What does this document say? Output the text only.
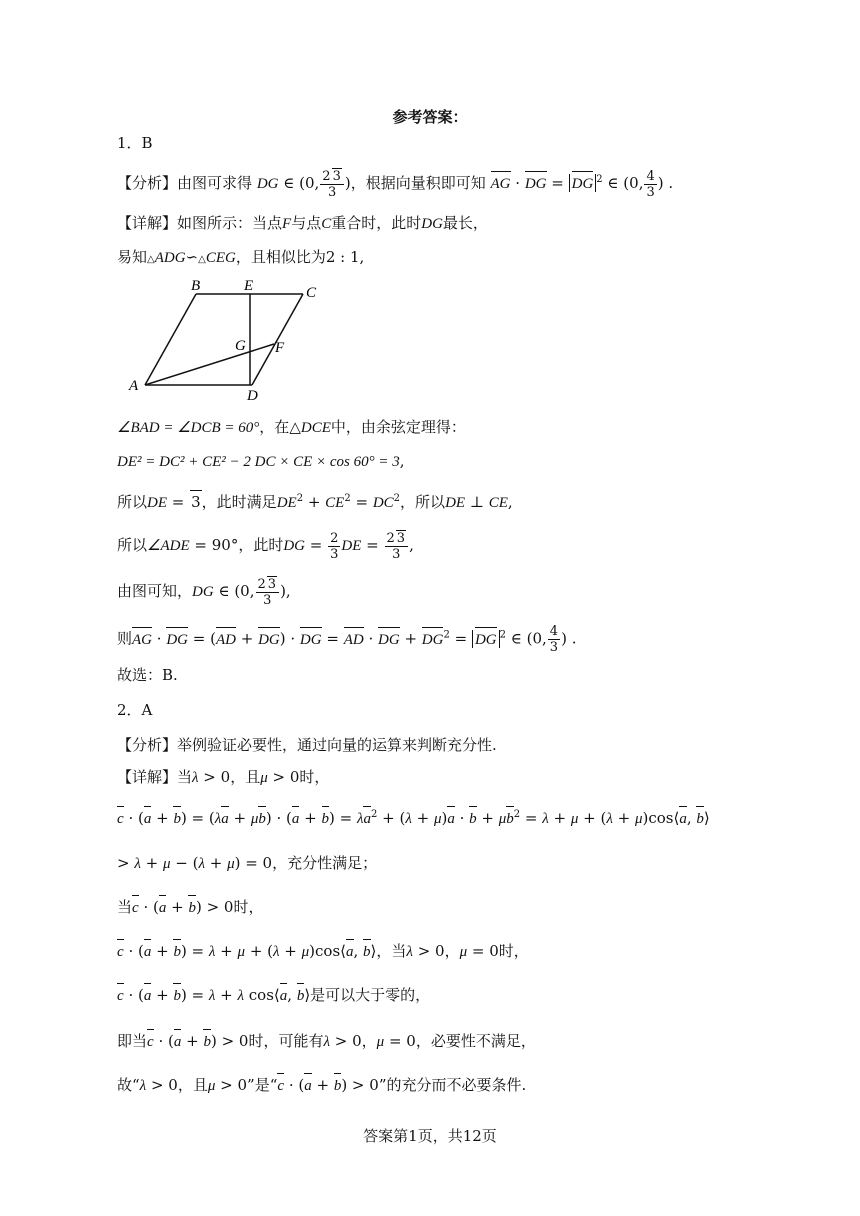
参考答案：
1．B
【分析】由图可求得 DG ∈ (0, $\frac{2 3}{3}$ )，根据向量积即可知 AG · DG = DG $^2$ ∈ (0, $\frac{4}{3}$ ) .
【详解】如图所示：当点F与点C重合时，此时DG最长，
易知△ADG∽△CEG，且相似比为2 : 1,
B	E	C
G F
A
D
∠BAD = ∠DCB = 60°，在△DCE中，由余弦定理得：
DE² = DC² + CE² − 2 DC × CE × cos 60° = 3,
所以DE = 3，此时满足$DE^2 + CE^2 = DC^2$，所以DE ⊥ CE,
所以∠ADE = 90°，此时DG = $\frac{2}{3}$ DE = $\frac{2 3}{3}$ ,
由图可知，DG ∈ (0, $\frac{2 3}{3}$ ),
则AG · DG = (AD + DG) · DG = AD · DG + $DG^2$ = DG $^2$ ∈ (0, $\frac{4}{3}$ ) .
故选：B.
2．A
【分析】举例验证必要性，通过向量的运算来判断充分性.
【详解】当λ > 0，且μ > 0时，
$c \cdot (a + b) = (\lambda a + \mu b) \cdot (a + b) = \lambda a^2 + (\lambda + \mu)a \cdot b + \mu b^2 = \lambda + \mu + (\lambda$ + μ)cos⟨a, b⟩
> λ + μ − (λ + μ) = 0，充分性满足；
当c · (a + b) > 0时，
c · (a + b) = λ + μ + (λ + μ)cos⟨a, b⟩，当λ > 0，μ = 0时，
c · (a + b) = λ + λ cos⟨a, b⟩是可以大于零的，
即当c · (a + b) > 0时，可能有λ > 0，μ = 0，必要性不满足，
故“λ > 0，且μ > 0”是“c · (a + b) > 0”的充分而不必要条件.
答案第1页，共12页
